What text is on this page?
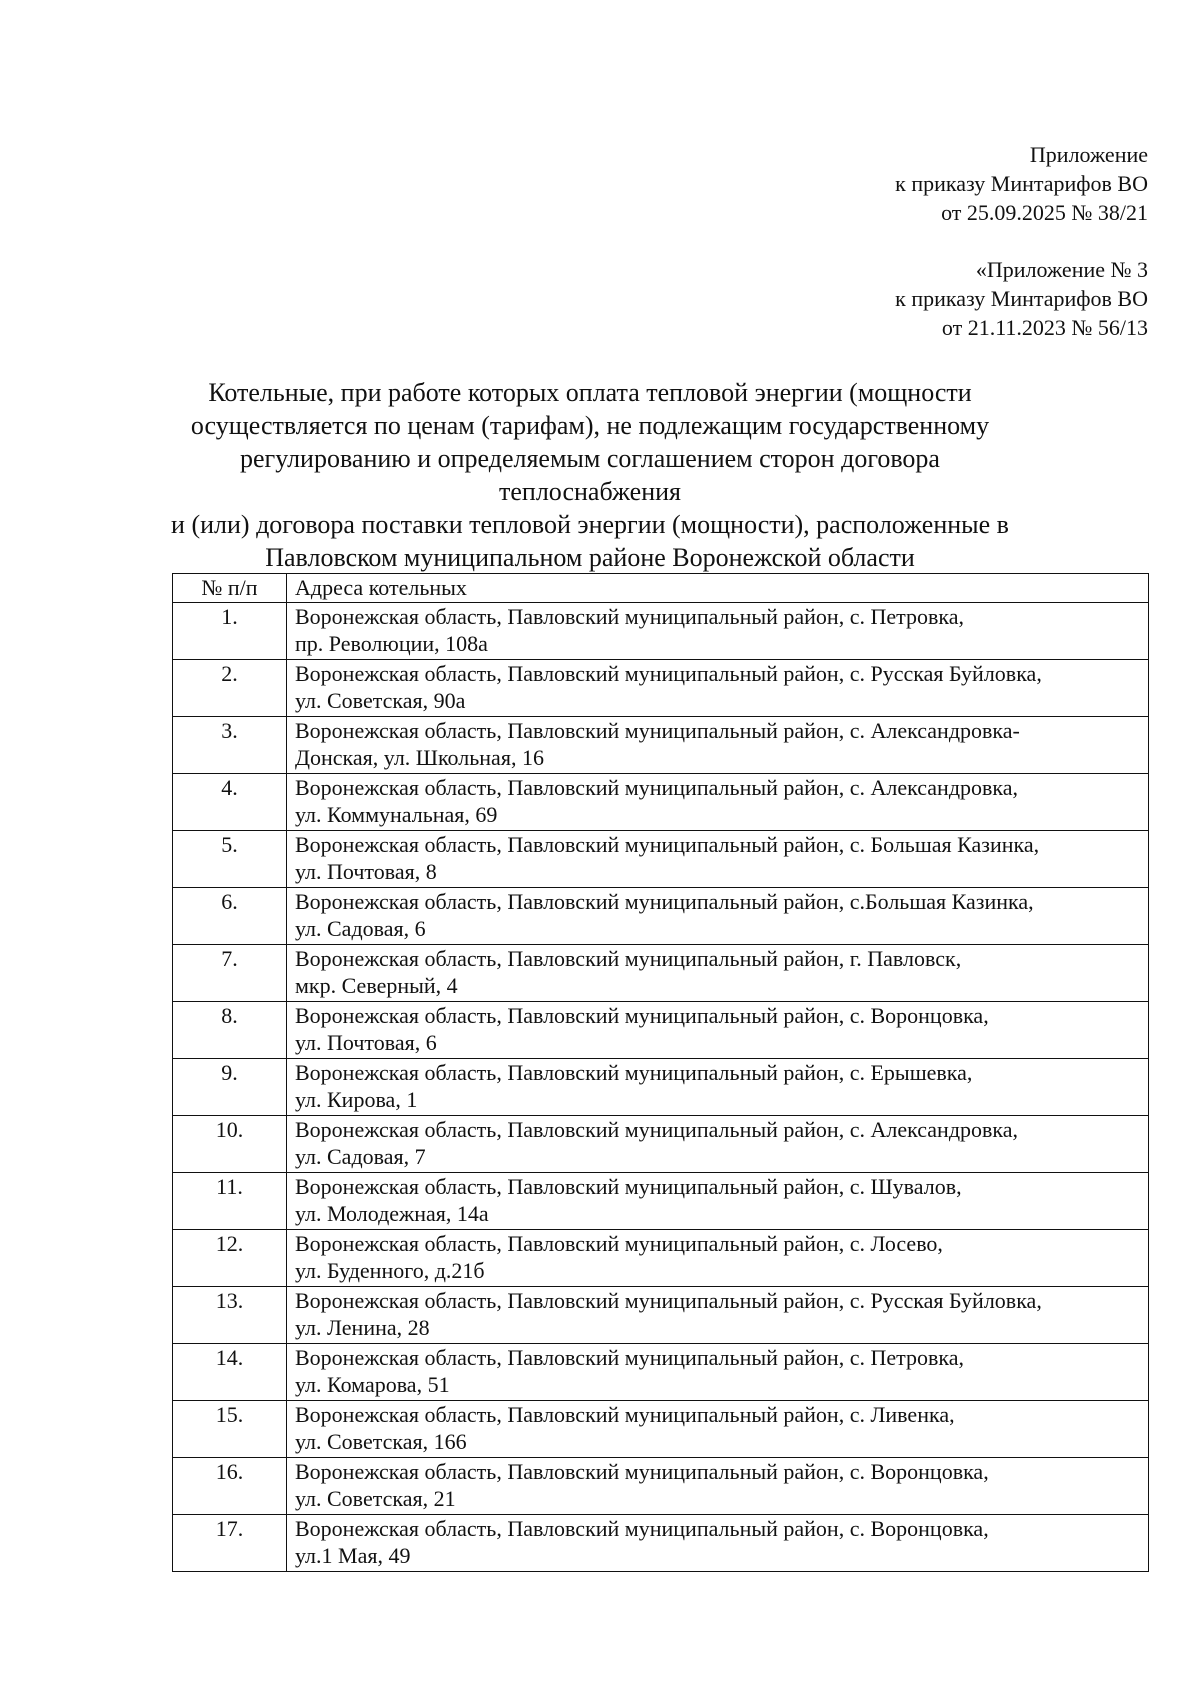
Приложение
к приказу Минтарифов ВО
от 25.09.2025 № 38/21
«Приложение № 3
к приказу Минтарифов ВО
от 21.11.2023 № 56/13
Котельные, при работе которых оплата тепловой энергии (мощности
осуществляется по ценам (тарифам), не подлежащим государственному
регулированию и определяемым соглашением сторон договора теплоснабжения
и (или) договора поставки тепловой энергии (мощности), расположенные в
Павловском муниципальном районе Воронежской области
№ п/п	Адреса котельных
1.	Воронежская область, Павловский муниципальный район, с. Петровка,
пр. Революции, 108а

2.	Воронежская область, Павловский муниципальный район, с. Русская Буйловка,
ул. Советская, 90а

3.	Воронежская область, Павловский муниципальный район, с. Александровка-
Донская, ул. Школьная, 16

4.	Воронежская область, Павловский муниципальный район, с. Александровка,
ул. Коммунальная, 69

5.	Воронежская область, Павловский муниципальный район, с. Большая Казинка,
ул. Почтовая, 8

6.	Воронежская область, Павловский муниципальный район, с.Большая Казинка,
ул. Садовая, 6

7.	Воронежская область, Павловский муниципальный район, г. Павловск,
мкр. Северный, 4

8.	Воронежская область, Павловский муниципальный район, с. Воронцовка,
ул. Почтовая, 6

9.	Воронежская область, Павловский муниципальный район, с. Ерышевка,
ул. Кирова, 1

10.	Воронежская область, Павловский муниципальный район, с. Александровка,
ул. Садовая, 7

11.	Воронежская область, Павловский муниципальный район, с. Шувалов,
ул. Молодежная, 14а

12.	Воронежская область, Павловский муниципальный район, с. Лосево,
ул. Буденного, д.21б

13.	Воронежская область, Павловский муниципальный район, с. Русская Буйловка,
ул. Ленина, 28

14.	Воронежская область, Павловский муниципальный район, с. Петровка,
ул. Комарова, 51

15.	Воронежская область, Павловский муниципальный район, с. Ливенка,
ул. Советская, 166

16.	Воронежская область, Павловский муниципальный район, с. Воронцовка,
ул. Советская, 21

17.	Воронежская область, Павловский муниципальный район, с. Воронцовка,
ул.1 Мая, 49
